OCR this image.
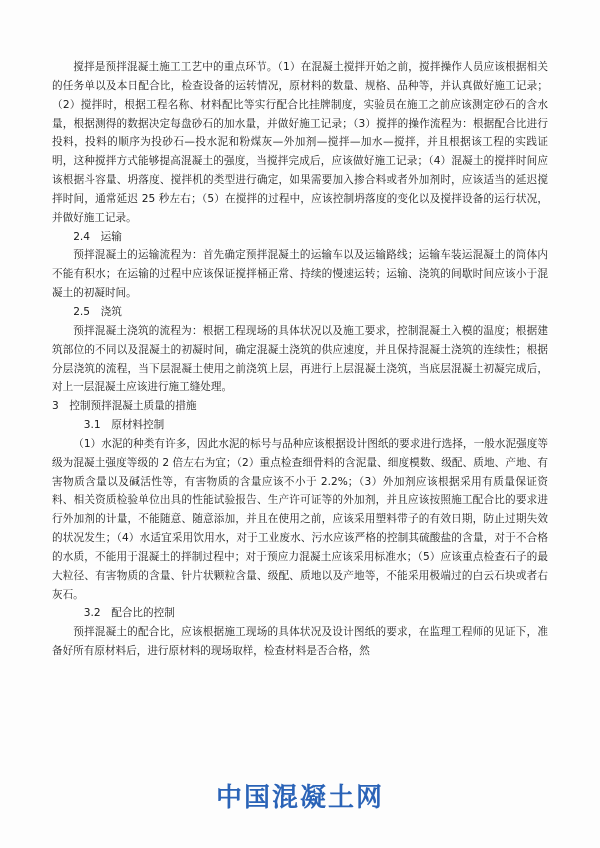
搅拌是预拌混凝土施工工艺中的重点环节。（1）在混凝土搅拌开始之前，搅拌操作人员应该根据相关的任务单以及本日配合比，检查设备的运转情况，原材料的数量、规格、品种等，并认真做好施工记录；（2）搅拌时，根据工程名称、材料配比等实行配合比挂牌制度，实验员在施工之前应该测定砂石的含水量，根据测得的数据决定每盘砂石的加水量，并做好施工记录；（3）搅拌的操作流程为：根据配合比进行投料，投料的顺序为投砂石—投水泥和粉煤灰—外加剂—搅拌—加水—搅拌，并且根据该工程的实践证明，这种搅拌方式能够提高混凝土的强度，当搅拌完成后，应该做好施工记录；（4）混凝土的搅拌时间应该根据斗容量、坍落度、搅拌机的类型进行确定，如果需要加入掺合料或者外加剂时，应该适当的延迟搅拌时间，通常延迟 25 秒左右；（5）在搅拌的过程中，应该控制坍落度的变化以及搅拌设备的运行状况，并做好施工记录。

2.4　运输

预拌混凝土的运输流程为：首先确定预拌混凝土的运输车以及运输路线；运输车装运混凝土的筒体内不能有积水；在运输的过程中应该保证搅拌桶正常、持续的慢速运转；运输、浇筑的间歇时间应该小于混凝土的初凝时间。

2.5　浇筑

预拌混凝土浇筑的流程为：根据工程现场的具体状况以及施工要求，控制混凝土入模的温度；根据建筑部位的不同以及混凝土的初凝时间，确定混凝土浇筑的供应速度，并且保持混凝土浇筑的连续性；根据分层浇筑的流程，当下层混凝土使用之前浇筑上层，再进行上层混凝土浇筑，当底层混凝土初凝完成后，对上一层混凝土应该进行施工缝处理。

3　控制预拌混凝土质量的措施

3.1　原材料控制

（1）水泥的种类有许多，因此水泥的标号与品种应该根据设计图纸的要求进行选择，一般水泥强度等级为混凝土强度等级的 2 倍左右为宜；（2）重点检查细骨料的含泥量、细度模数、级配、质地、产地、有害物质含量以及碱活性等，有害物质的含量应该不小于 2.2%；（3）外加剂应该根据采用有质量保证资料、相关资质检验单位出具的性能试验报告、生产许可证等的外加剂，并且应该按照施工配合比的要求进行外加剂的计量，不能随意、随意添加，并且在使用之前，应该采用塑料带子的有效日期，防止过期失效的状况发生；（4）水适宜采用饮用水，对于工业废水、污水应该严格的控制其硫酸盐的含量，对于不合格的水质，不能用于混凝土的拌制过程中；对于预应力混凝土应该采用标准水；（5）应该重点检查石子的最大粒径、有害物质的含量、针片状颗粒含量、级配、质地以及产地等，不能采用极端过的白云石块或者右灰石。

3.2　配合比的控制

预拌混凝土的配合比，应该根据施工现场的具体状况及设计图纸的要求，在监理工程师的见证下，准备好所有原材料后，进行原材料的现场取样，检查材料是否合格，然

中国混凝土网
